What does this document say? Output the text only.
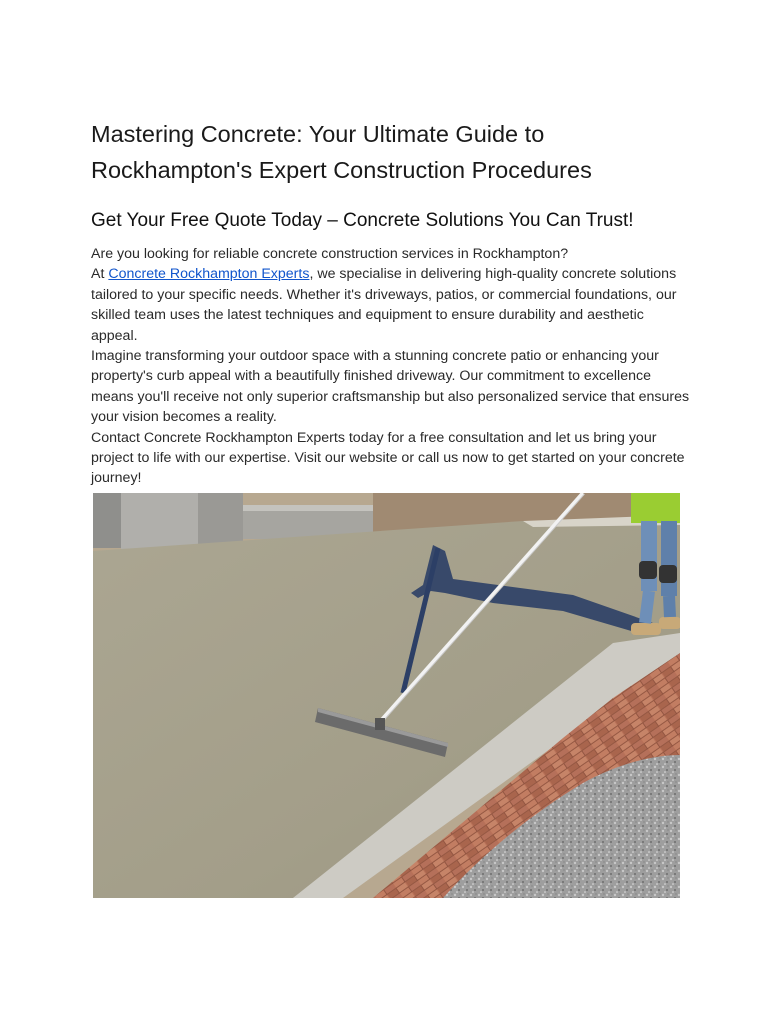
Mastering Concrete: Your Ultimate Guide to
Rockhampton's Expert Construction Procedures
Get Your Free Quote Today – Concrete Solutions You Can Trust!

Are you looking for reliable concrete construction services in Rockhampton?

At Concrete Rockhampton Experts, we specialise in delivering high-quality concrete solutions tailored to your specific needs. Whether it's driveways, patios, or commercial foundations, our skilled team uses the latest techniques and equipment to ensure durability and aesthetic appeal.

Imagine transforming your outdoor space with a stunning concrete patio or enhancing your property's curb appeal with a beautifully finished driveway. Our commitment to excellence means you'll receive not only superior craftsmanship but also personalized service that ensures your vision becomes a reality.

Contact Concrete Rockhampton Experts today for a free consultation and let us bring your project to life with our expertise. Visit our website or call us now to get started on your concrete journey!
